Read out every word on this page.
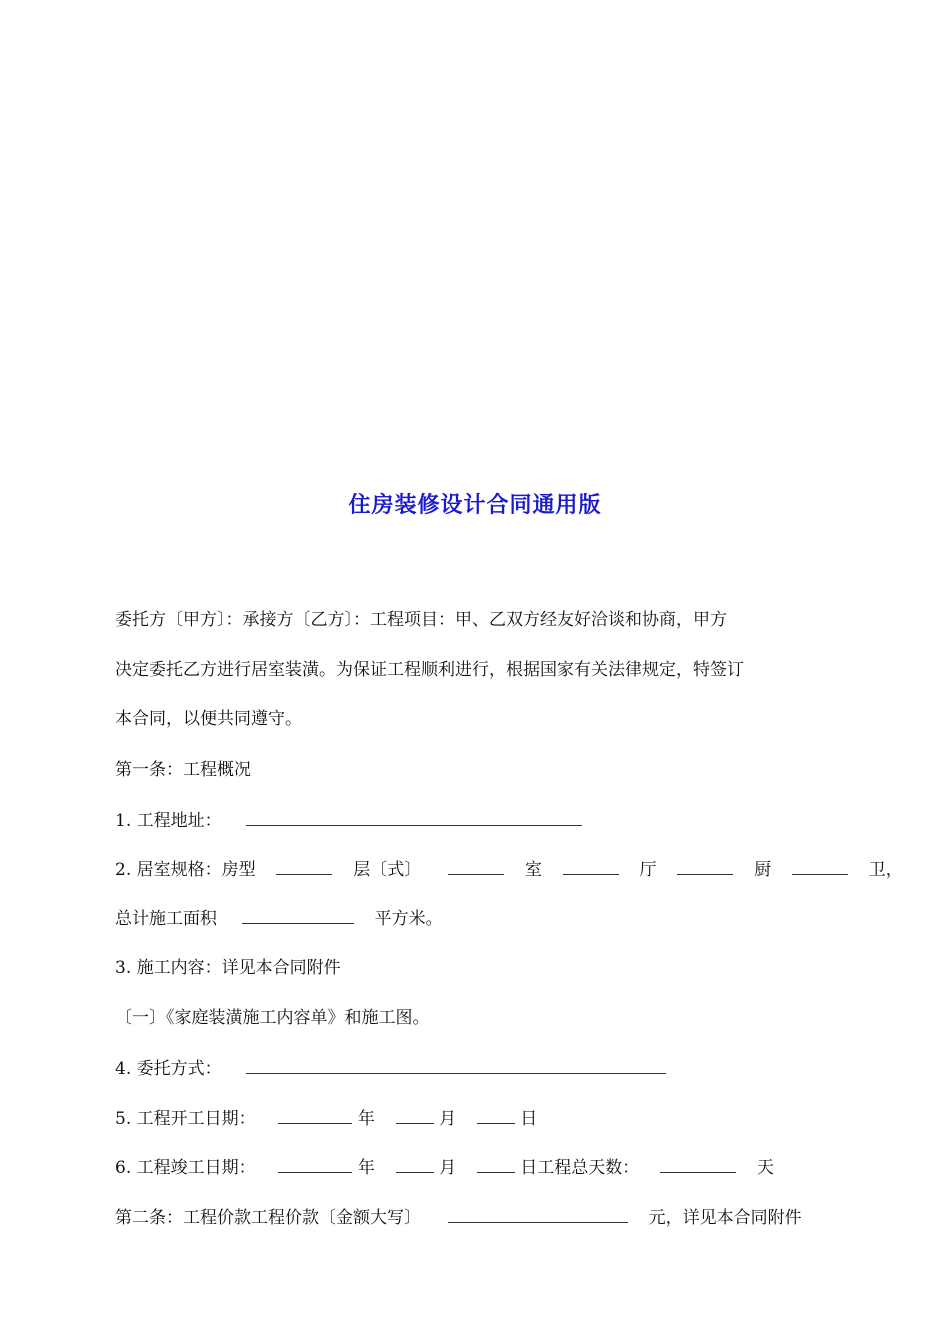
住房装修设计合同通用版
委托方〔甲方〕：承接方〔乙方〕：工程项目：甲、乙双方经友好洽谈和协商，甲方
决定委托乙方进行居室装潢。为保证工程顺利进行，根据国家有关法律规定，特签订
本合同，以便共同遵守。
第一条：工程概况
1. 工程地址：
2. 居室规格：房型	层〔式〕	室	厅	厨	卫，
总计施工面积	平方米。
3. 施工内容：详见本合同附件
〔一〕《家庭装潢施工内容单》和施工图。
4. 委托方式：
5. 工程开工日期：	年	月	日
6. 工程竣工日期：	年	月	日工程总天数：	天
第二条：工程价款工程价款〔金额大写〕	元，详见本合同附件
